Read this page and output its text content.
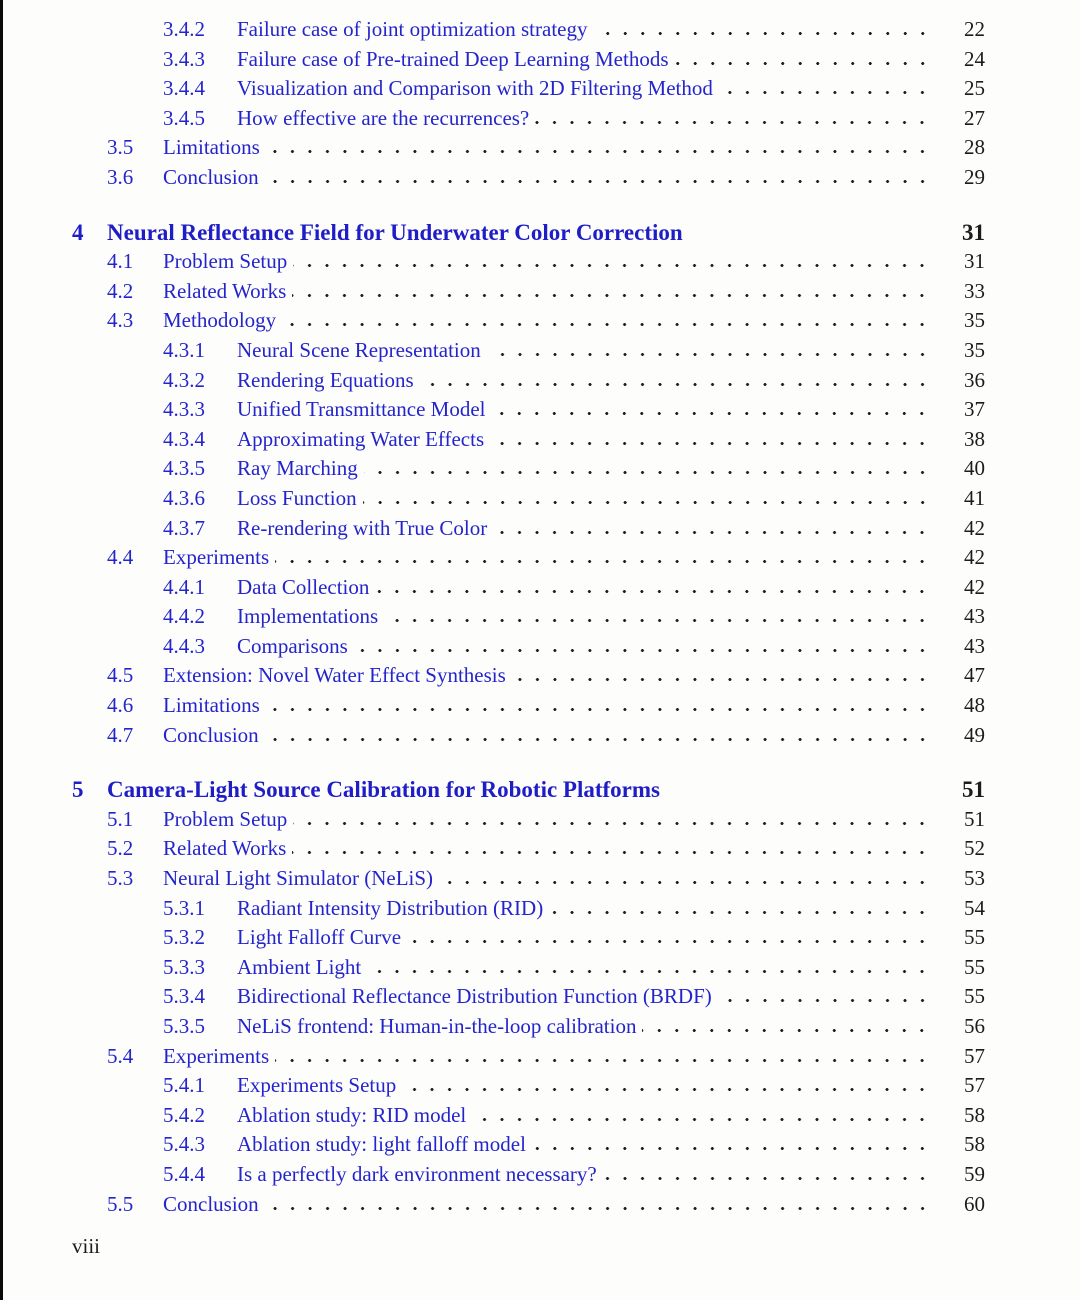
3.4.2	Failure case of joint optimization strategy	22
3.4.3	Failure case of Pre-trained Deep Learning Methods	24
3.4.4	Visualization and Comparison with 2D Filtering Method	25
3.4.5	How effective are the recurrences?	27
3.5	Limitations	28
3.6	Conclusion	29
4	Neural Reflectance Field for Underwater Color Correction	31
4.1	Problem Setup	31
4.2	Related Works	33
4.3	Methodology	35
4.3.1	Neural Scene Representation	35
4.3.2	Rendering Equations	36
4.3.3	Unified Transmittance Model	37
4.3.4	Approximating Water Effects	38
4.3.5	Ray Marching	40
4.3.6	Loss Function	41
4.3.7	Re-rendering with True Color	42
4.4	Experiments	42
4.4.1	Data Collection	42
4.4.2	Implementations	43
4.4.3	Comparisons	43
4.5	Extension: Novel Water Effect Synthesis	47
4.6	Limitations	48
4.7	Conclusion	49
5	Camera-Light Source Calibration for Robotic Platforms	51
5.1	Problem Setup	51
5.2	Related Works	52
5.3	Neural Light Simulator (NeLiS)	53
5.3.1	Radiant Intensity Distribution (RID)	54
5.3.2	Light Falloff Curve	55
5.3.3	Ambient Light	55
5.3.4	Bidirectional Reflectance Distribution Function (BRDF)	55
5.3.5	NeLiS frontend: Human-in-the-loop calibration	56
5.4	Experiments	57
5.4.1	Experiments Setup	57
5.4.2	Ablation study: RID model	58
5.4.3	Ablation study: light falloff model	58
5.4.4	Is a perfectly dark environment necessary?	59
5.5	Conclusion	60
viii
